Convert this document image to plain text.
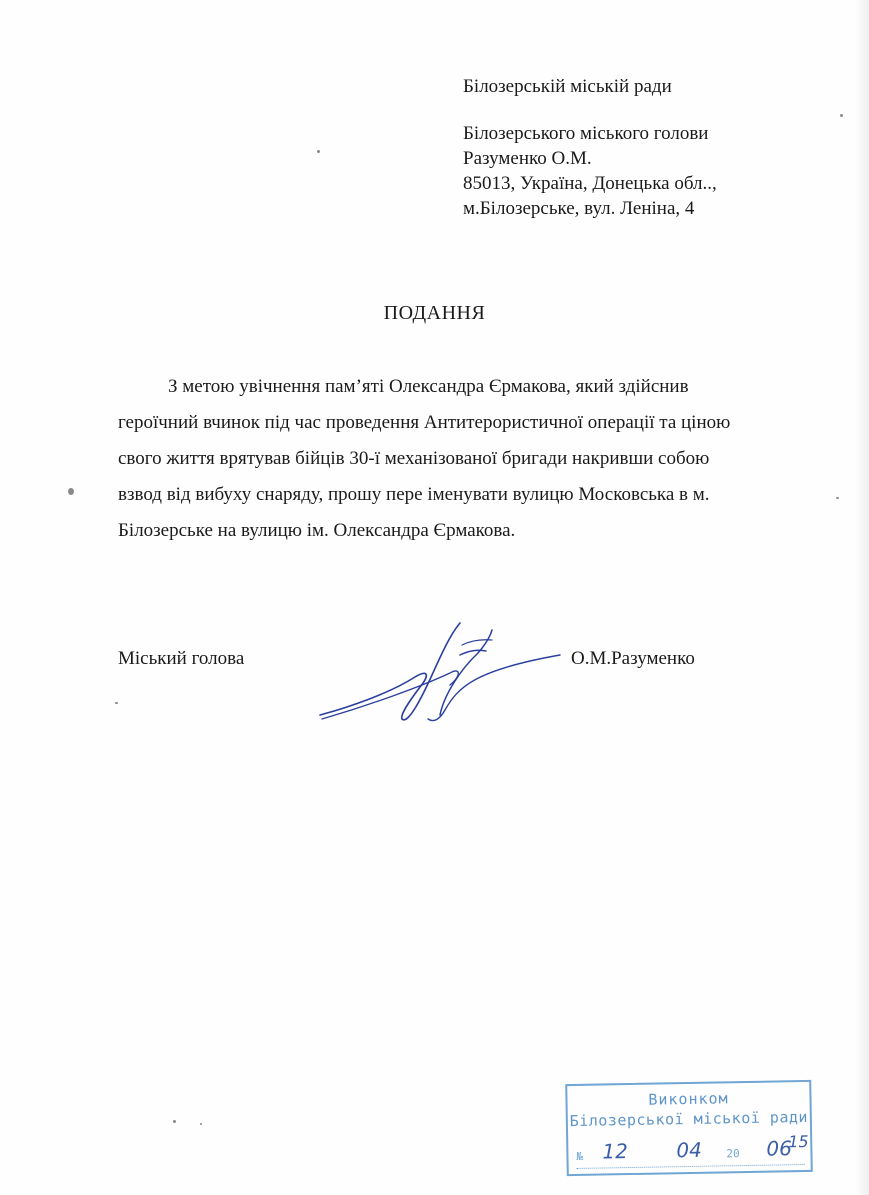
Білозерській міській ради
Білозерського міського голови
Разуменко О.М.
85013, Україна, Донецька обл..,
м.Білозерське, вул. Леніна, 4
ПОДАННЯ
З метою увічнення пам’яті Олександра Єрмакова, який здійснив
героїчний вчинок під час проведення Антитерористичної операції та ціною
свого життя врятував бійців 30-ї механізованої бригади накривши собою
взвод від вибуху снаряду, прошу пере іменувати вулицю Московська в м.
Білозерське на вулицю ім. Олександра Єрмакова.
Міський голова	О.М.Разуменко
Виконком
Білозерської міської ради
№ 12 04	06
20
15
